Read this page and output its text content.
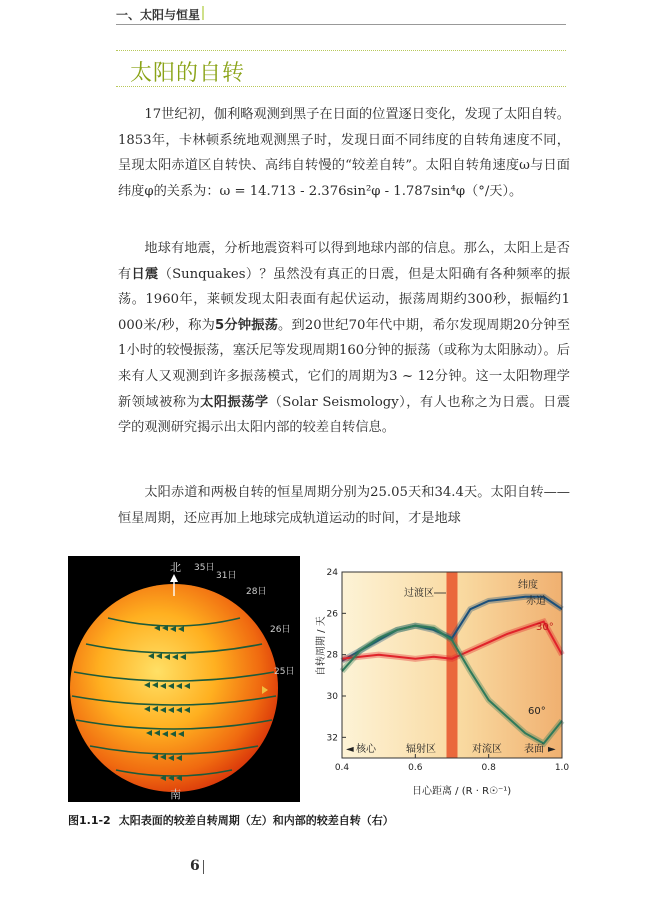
一、太阳与恒星
太阳的自转

17世纪初，伽利略观测到黑子在日面的位置逐日变化，发现了太阳自转。1853年，卡林顿系统地观测黑子时，发现日面不同纬度的自转角速度不同，呈现太阳赤道区自转快、高纬自转慢的“较差自转”。太阳自转角速度ω与日面纬度φ的关系为：ω = 14.713 - 2.376sin²φ - 1.787sin⁴φ（°/天）。

地球有地震，分析地震资料可以得到地球内部的信息。那么，太阳上是否有日震（Sunquakes）？虽然没有真正的日震，但是太阳确有各种频率的振荡。1960年，莱顿发现太阳表面有起伏运动，振荡周期约300秒，振幅约1 000米/秒，称为5分钟振荡。到20世纪70年代中期，希尔发现周期20分钟至1小时的较慢振荡，塞沃尼等发现周期160分钟的振荡（或称为太阳脉动）。后来有人又观测到许多振荡模式，它们的周期为3 ~ 12分钟。这一太阳物理学新领域被称为太阳振荡学（Solar Seismology），有人也称之为日震。日震学的观测研究揭示出太阳内部的较差自转信息。

太阳赤道和两极自转的恒星周期分别为25.05天和34.4天。太阳自转——恒星周期，还应再加上地球完成轨道运动的时间，才是地球

北
南
35日
31日
28日
26日
25日
24
26
28
30
32
0.4	0.6	0.8	1.0
自转周期 / 天
日心距离 / (R · R☉⁻¹)
过渡区
纬度
赤道
30°
60°
◄ 核心	辐射区	对流区 表面 ►
图1.1-2 太阳表面的较差自转周期（左）和内部的较差自转（右）
6
